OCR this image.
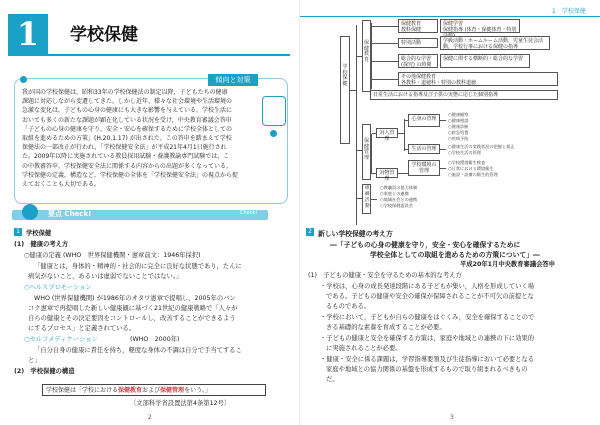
1	学校保健
傾向と対策
我が国の学校保健は，昭和33年の学校保健法の制定以降，子どもたちの健康
課題に対応しながら変遷してきた。しかし近年，様々な社会環境や生活環境の
急激な変化は，子どもの心身の健康にも大きな影響を与えている。学校生活に
おいても多くの新たな課題が顕在化している状況を受け，中央教育審議会答申
「子どもの心身の健康を守り，安全・安心を確保するために学校全体としての
取組を進めるための方策」(H.20.1.17) が出された。この答申を踏まえて学校
保健法の一部改正が行われ，「学校保健安全法」が平成21年4月1日施行され
た。2009年以降に実施されている教員採用試験・養護教諭専門試験では，こ
の中教審答申，学校保健安全法に関係する内容からの出題が多くなっている。
学校保健の定義，構造など，学校保健の全体を「学校保健安全法」の視点から捉
えておくことも大切である。
要点 Check!	Check!
1 学校保健
(1)　健康の考え方
○健康の定義 (WHO　世界保健機関・憲章前文：1946年採択)
「健康とは，身体的・精神的・社会的に完全に良好な状態であり，たんに
病気がないこと，あるいは虚弱でないことではない。」
○ヘルスプロモーション
WHO (世界保健機関) が1986年のオタワ憲章で提唱し，2005年のバン
コク憲章で再提唱した新しい健康観に基づく21世紀の健康戦略で「人々が
自らの健康とその決定要因をコントロールし，改善することができるよう
にするプロセス」と定義されている。
○セルフメディケーション	(WHO　2000年)
「自分自身の健康に責任を持ち，軽度な身体の不調は自分で手当てするこ
と」
(2)　学校保健の構造
学校保健は「学校における保健教育および保健管理をいう。」
〔文部科学省設置法第4条第12号〕
2	3
1　学校保健
学校保健
保健教育
保健管理
組織活動
保健教育
教科保健
保健学習
保健指導 (体育・保健体育・特別
特別活動	学級活動・ホームルーム活動，児童生徒会活動，学校行事における保健の指導
総合的な学習 (探究) の時間
保健に関する横断的・総合的な学習
その他保健教育
各教科・道徳科・特別の教科道徳
日常生活における指導及び子供の実態に応じた個別指導
対人管理
心身の管理
生活の管理
対物管理
学校環境の管理
○健康観察
○健康相談
○健康診断
○救急処置
○疾病予防
○健康生活の実践状況の把握と規正
○学校生活の管理
○学校環境衛生検査
○日常における環境衛生
○施設・設備の衛生的管理
○教職員の協力体制
○家庭との連携
○地域社会との連携
○学校保健委員会
2 新しい学校保健の考え方
―「子どもの心身の健康を守り，安全・安心を確保するために
学校全体としての取組を進めるための方策について」―
平成20年1月中央教育審議会答申
(1)　子どもの健康・安全を守るための基本的な考え方
・学校は，心身の成長発達段階にある子どもが集い，人格を形成していく場
である。子どもの健康や安全の確保が保障されることが不可欠の前提とな
るものである。
・学校において，子どもが自らの健康をはぐくみ，安全を確保することので
きる基礎的な素養を育成することが必要。
・子どもの健康と安全を確保する方策は，家庭や地域との連携の下に効果的
に実施されることが必要。
・健康・安全に係る課題は，学習指導要領及び生徒指導において必要となる
家庭や地域との協力関係の基盤を形成するもので取り組まれるべきもの
だ。
